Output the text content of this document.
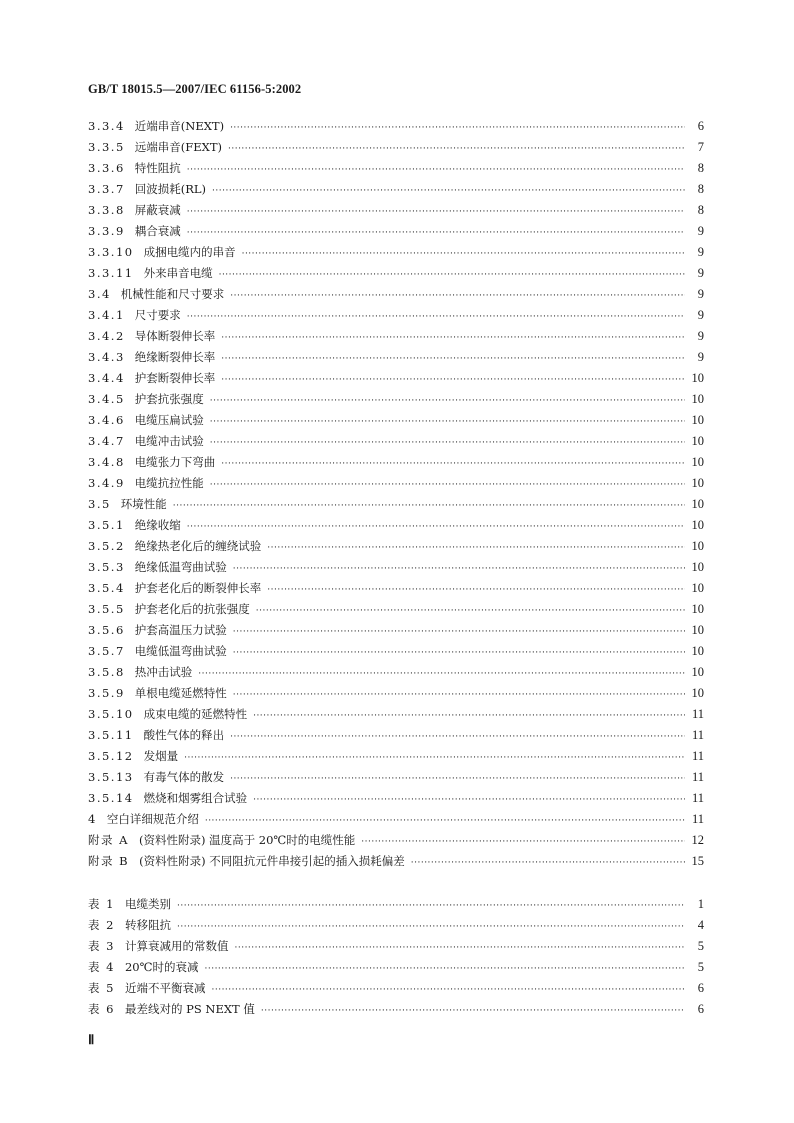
GB/T 18015.5—2007/IEC 61156-5:2002
3.3.4 近端串音(NEXT) ·····	6
3.3.5 远端串音(FEXT) ·····	7
3.3.6 特性阻抗 ·····	8
3.3.7 回波损耗(RL) ·····	8
3.3.8 屏蔽衰减 ·····	8
3.3.9 耦合衰减 ·····	9
3.3.10 成捆电缆内的串音 ·····	9
3.3.11 外来串音电缆 ·····	9
3.4 机械性能和尺寸要求 ·····	9
3.4.1 尺寸要求 ·····	9
3.4.2 导体断裂伸长率 ·····	9
3.4.3 绝缘断裂伸长率 ·····	9
3.4.4 护套断裂伸长率 ·····	10
3.4.5 护套抗张强度 ·····	10
3.4.6 电缆压扁试验 ·····	10
3.4.7 电缆冲击试验 ·····	10
3.4.8 电缆张力下弯曲 ·····	10
3.4.9 电缆抗拉性能 ·····	10
3.5 环境性能 ·····	10
3.5.1 绝缘收缩 ·····	10
3.5.2 绝缘热老化后的缠绕试验 ·····	10
3.5.3 绝缘低温弯曲试验 ·····	10
3.5.4 护套老化后的断裂伸长率 ·····	10
3.5.5 护套老化后的抗张强度 ·····	10
3.5.6 护套高温压力试验 ·····	10
3.5.7 电缆低温弯曲试验 ·····	10
3.5.8 热冲击试验 ·····	10
3.5.9 单根电缆延燃特性 ·····	10
3.5.10 成束电缆的延燃特性 ·····	11
3.5.11 酸性气体的释出 ·····	11
3.5.12 发烟量 ·····	11
3.5.13 有毒气体的散发 ·····	11
3.5.14 燃烧和烟雾组合试验 ·····	11
4 空白详细规范介绍 ·····	11
附录 A (资料性附录) 温度高于 20℃时的电缆性能 ·····	12
附录 B (资料性附录) 不同阻抗元件串接引起的插入损耗偏差 ·····	15
表 1 电缆类别 ·····	1
表 2 转移阻抗 ·····	4
表 3 计算衰减用的常数值 ·····	5
表 4 20℃时的衰减 ·····	5
表 5 近端不平衡衰减 ·····	6
表 6 最差线对的 PS NEXT 值 ·····	6
Ⅱ
